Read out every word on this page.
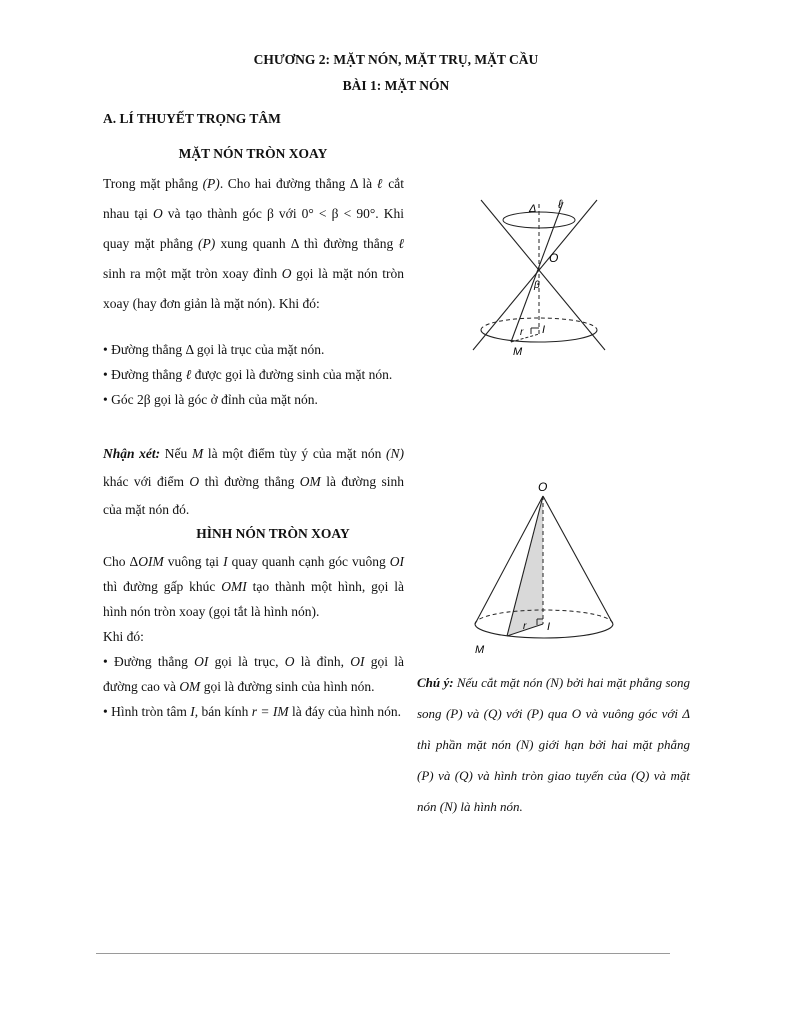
CHƯƠNG 2: MẶT NÓN, MẶT TRỤ, MẶT CẦU
BÀI 1: MẶT NÓN
A. LÍ THUYẾT TRỌNG TÂM
MẶT NÓN TRÒN XOAY
Trong mặt phẳng (P). Cho hai đường thẳng Δ là ℓ cắt nhau tại O và tạo thành góc β với 0° < β < 90°. Khi quay mặt phẳng (P) xung quanh Δ thì đường thẳng ℓ sinh ra một mặt tròn xoay đỉnh O gọi là mặt nón tròn xoay (hay đơn giản là mặt nón). Khi đó:
• Đường thẳng Δ gọi là trục của mặt nón.
• Đường thẳng ℓ được gọi là đường sinh của mặt nón.
• Góc 2β gọi là góc ở đỉnh của mặt nón.
Nhận xét: Nếu M là một điểm tùy ý của mặt nón (N) khác với điểm O thì đường thẳng OM là đường sinh của mặt nón đó.
HÌNH NÓN TRÒN XOAY
Cho ΔOIM vuông tại I quay quanh cạnh góc vuông OI thì đường gấp khúc OMI tạo thành một hình, gọi là hình nón tròn xoay (gọi tắt là hình nón).
Khi đó:
• Đường thẳng OI gọi là trục, O là đỉnh, OI gọi là đường cao và OM gọi là đường sinh của hình nón.
• Hình tròn tâm I, bán kính r = IM là đáy của hình nón.
Δ ℓ
O
β
r I
M
O
r I
M
Chú ý: Nếu cắt mặt nón (N) bởi hai mặt phẳng song song (P) và (Q) với (P) qua O và vuông góc với Δ thì phần mặt nón (N) giới hạn bởi hai mặt phẳng (P) và (Q) và hình tròn giao tuyến của (Q) và mặt nón (N) là hình nón.
